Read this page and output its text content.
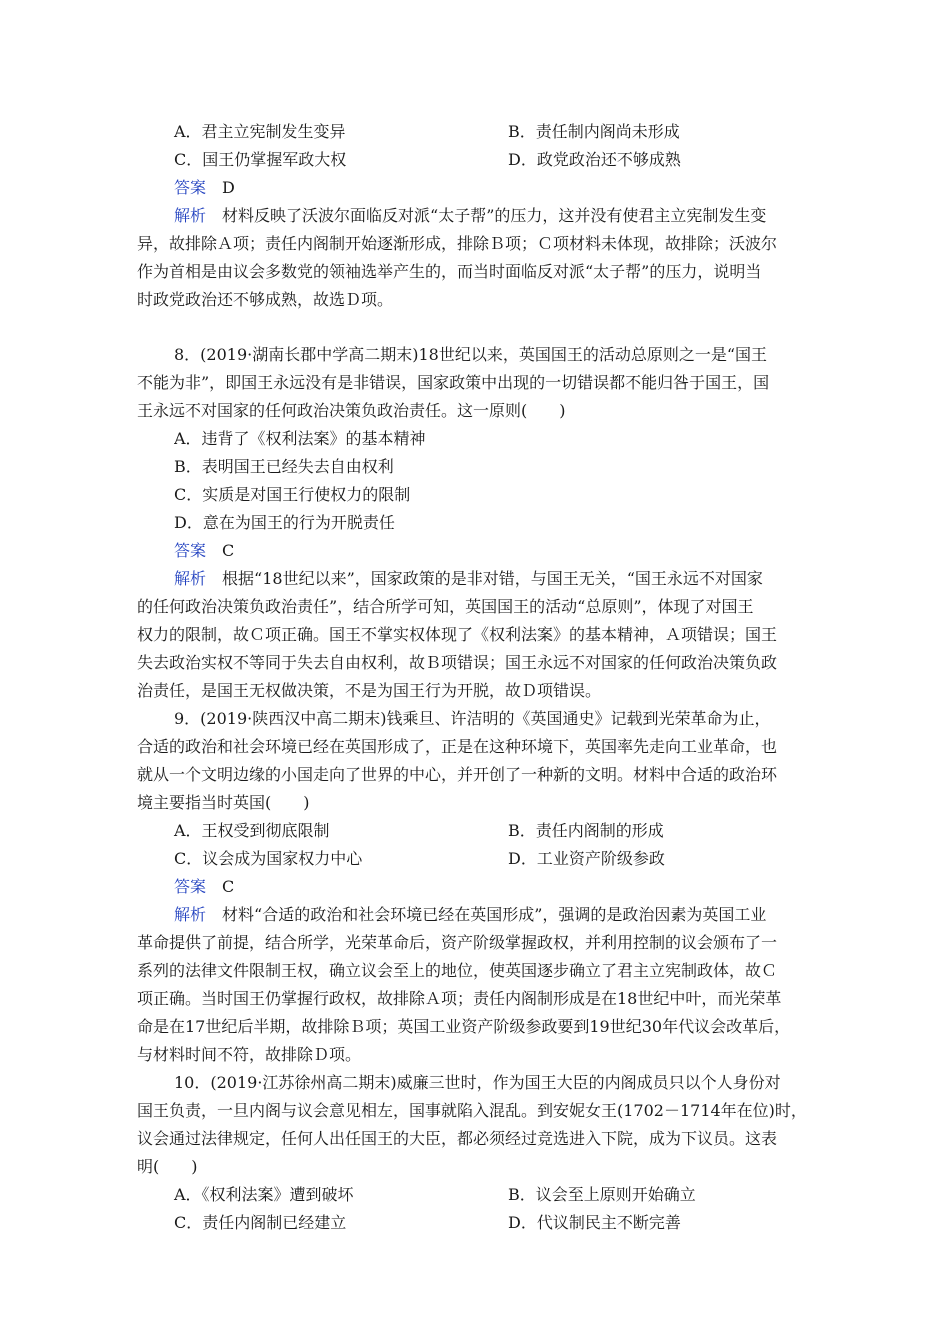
A．君主立宪制发生变异	B．责任制内阁尚未形成
C．国王仍掌握军政大权	D．政党政治还不够成熟
答案　 D
解析　 材料反映了沃波尔面临反对派“太子帮”的压力，这并没有使君主立宪制发生变
异，故排除Ａ项；责任内阁制开始逐渐形成，排除Ｂ项；Ｃ项材料未体现，故排除；沃波尔
作为首相是由议会多数党的领袖选举产生的，而当时面临反对派“太子帮”的压力，说明当
时政党政治还不够成熟，故选Ｄ项。
8．(2019·湖南长郡中学高二期末)18世纪以来，英国国王的活动总原则之一是“国王
不能为非”，即国王永远没有是非错误，国家政策中出现的一切错误都不能归咎于国王，国
王永远不对国家的任何政治决策负政治责任。这一原则(　　)
A．违背了《权利法案》的基本精神
B．表明国王已经失去自由权利
C．实质是对国王行使权力的限制
D．意在为国王的行为开脱责任
答案　 C
解析　 根据“18世纪以来”，国家政策的是非对错，与国王无关，“国王永远不对国家
的任何政治决策负政治责任”，结合所学可知，英国国王的活动“总原则”，体现了对国王
权力的限制，故Ｃ项正确。国王不掌实权体现了《权利法案》的基本精神，Ａ项错误；国王
失去政治实权不等同于失去自由权利，故Ｂ项错误；国王永远不对国家的任何政治决策负政
治责任，是国王无权做决策，不是为国王行为开脱，故Ｄ项错误。
9．(2019·陕西汉中高二期末)钱乘旦、许洁明的《英国通史》记载到光荣革命为止，
合适的政治和社会环境已经在英国形成了，正是在这种环境下，英国率先走向工业革命，也
就从一个文明边缘的小国走向了世界的中心，并开创了一种新的文明。材料中合适的政治环
境主要指当时英国(　　)
A．王权受到彻底限制	B．责任内阁制的形成
C．议会成为国家权力中心	D．工业资产阶级参政
答案　 C
解析　 材料“合适的政治和社会环境已经在英国形成”，强调的是政治因素为英国工业
革命提供了前提，结合所学，光荣革命后，资产阶级掌握政权，并利用控制的议会颁布了一
系列的法律文件限制王权，确立议会至上的地位，使英国逐步确立了君主立宪制政体，故Ｃ
项正确。当时国王仍掌握行政权，故排除Ａ项；责任内阁制形成是在18世纪中叶，而光荣革
命是在17世纪后半期，故排除Ｂ项；英国工业资产阶级参政要到19世纪30年代议会改革后，
与材料时间不符，故排除Ｄ项。
10．(2019·江苏徐州高二期末)威廉三世时，作为国王大臣的内阁成员只以个人身份对
国王负责，一旦内阁与议会意见相左，国事就陷入混乱。到安妮女王(1702－1714年在位)时，
议会通过法律规定，任何人出任国王的大臣，都必须经过竞选进入下院，成为下议员。这表
明(　　)
A．《权利法案》遭到破坏	B．议会至上原则开始确立
C．责任内阁制已经建立	D．代议制民主不断完善
